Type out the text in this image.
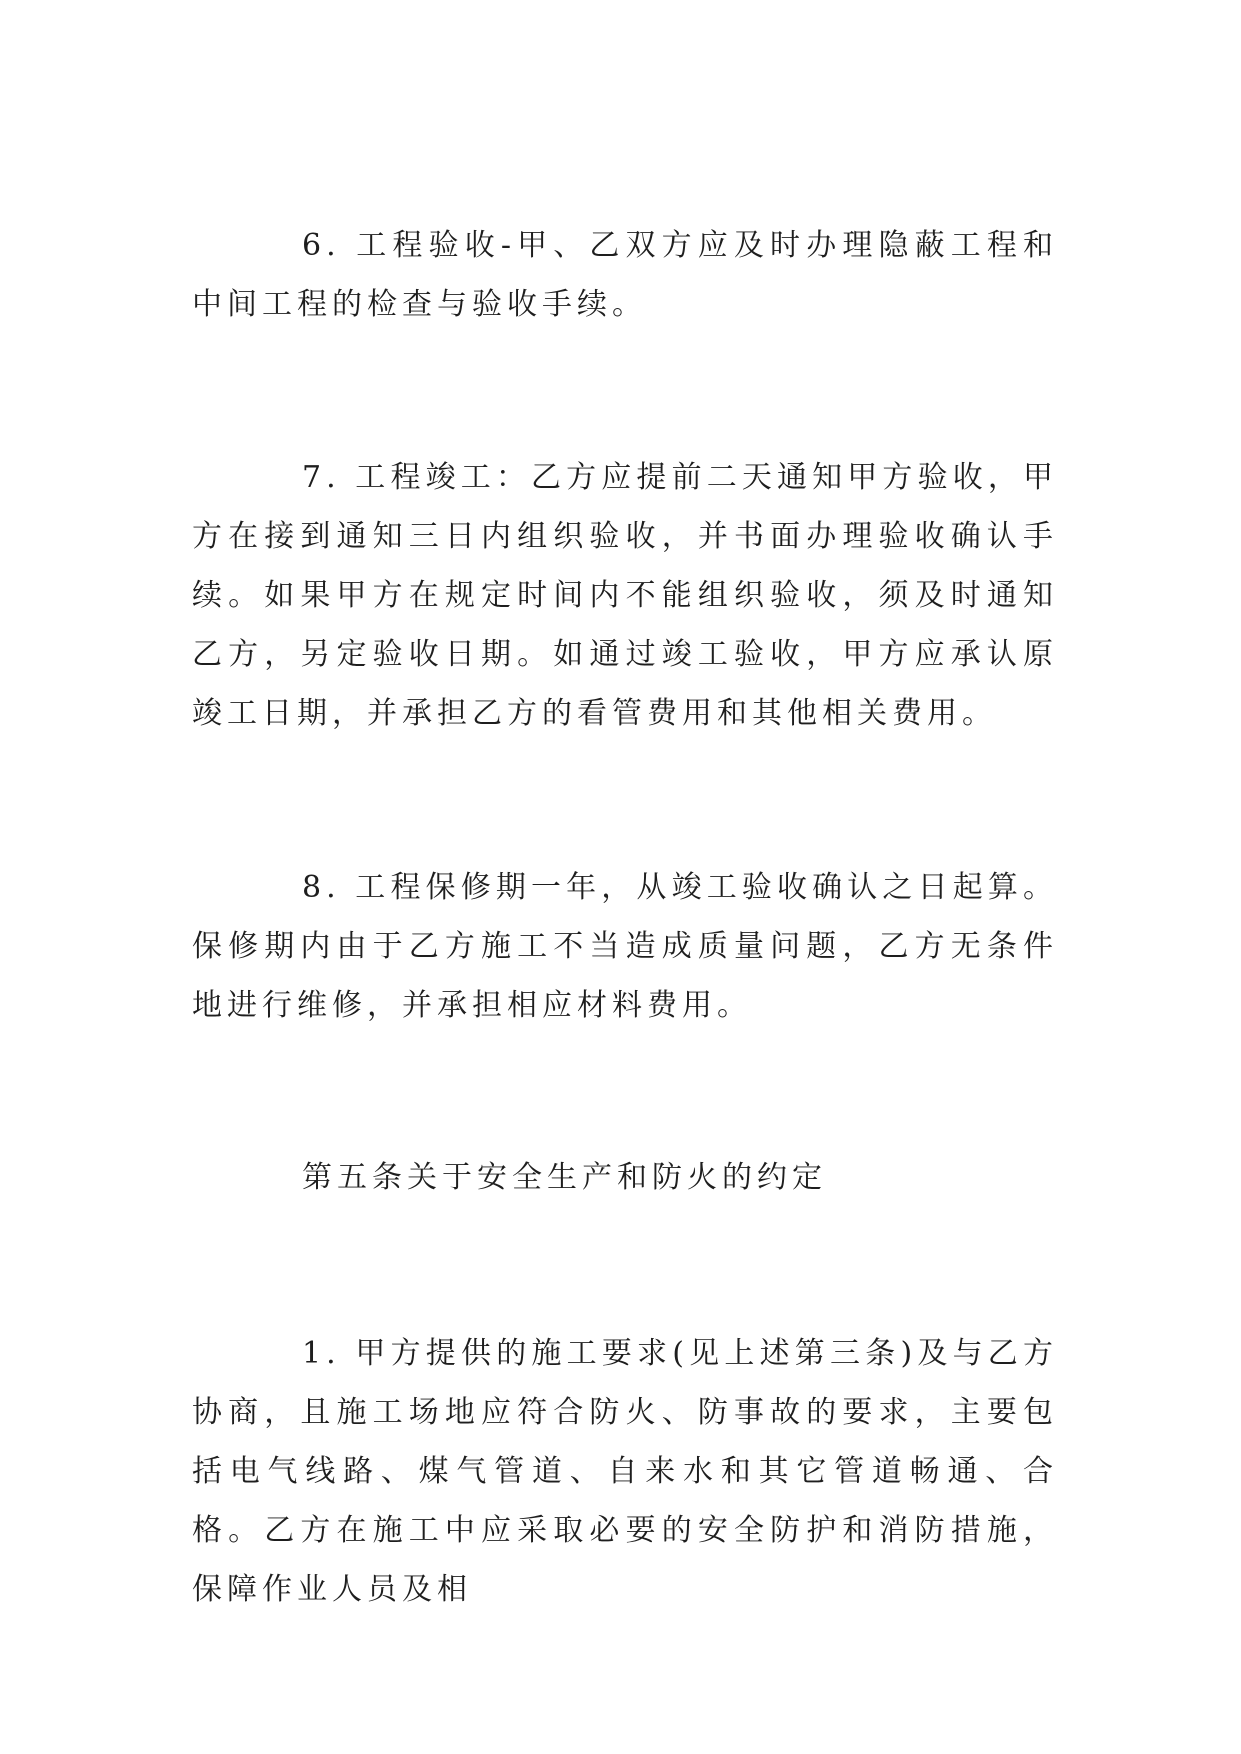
6. 工程验收-甲、乙双方应及时办理隐蔽工程和中间工程的检查与验收手续。

7. 工程竣工：乙方应提前二天通知甲方验收，甲方在接到通知三日内组织验收，并书面办理验收确认手续。如果甲方在规定时间内不能组织验收，须及时通知乙方，另定验收日期。如通过竣工验收，甲方应承认原竣工日期，并承担乙方的看管费用和其他相关费用。

8. 工程保修期一年，从竣工验收确认之日起算。保修期内由于乙方施工不当造成质量问题，乙方无条件地进行维修，并承担相应材料费用。

第五条关于安全生产和防火的约定

1. 甲方提供的施工要求(见上述第三条)及与乙方协商，且施工场地应符合防火、防事故的要求，主要包括电气线路、煤气管道、自来水和其它管道畅通、合格。乙方在施工中应采取必要的安全防护和消防措施，保障作业人员及相
